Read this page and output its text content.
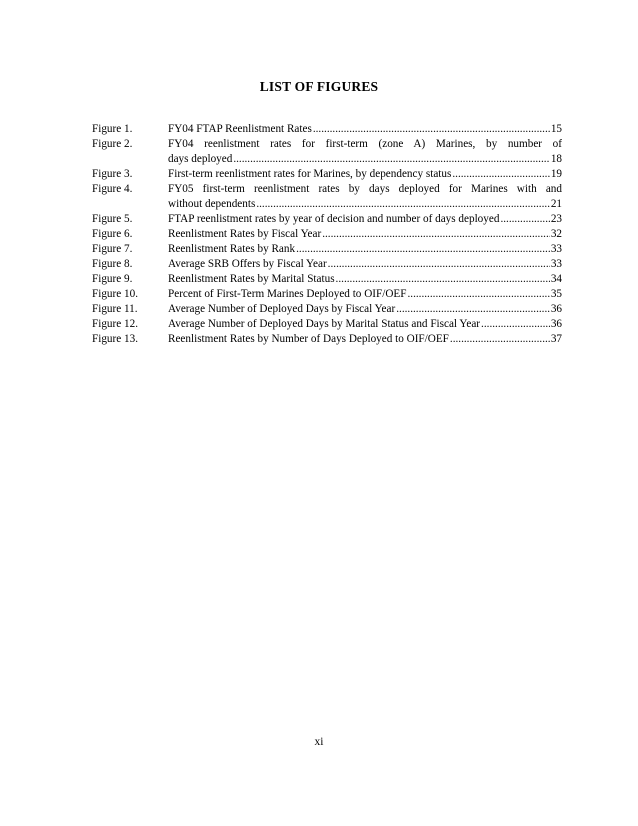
LIST OF FIGURES
Figure 1.	FY04 FTAP Reenlistment Rates .....	15
Figure 2.	FY04 reenlistment rates for first-term (zone A) Marines, by number of
days deployed .....	18
Figure 3.	First-term reenlistment rates for Marines, by dependency status .....	19
Figure 4.	FY05 first-term reenlistment rates by days deployed for Marines with and
without dependents .....	21
Figure 5.	FTAP reenlistment rates by year of decision and number of days deployed .....	23
Figure 6.	Reenlistment Rates by Fiscal Year .....	32
Figure 7.	Reenlistment Rates by Rank .....	33
Figure 8.	Average SRB Offers by Fiscal Year .....	33
Figure 9.	Reenlistment Rates by Marital Status .....	34
Figure 10.	Percent of First-Term Marines Deployed to OIF/OEF .....	35
Figure 11.	Average Number of Deployed Days by Fiscal Year .....	36
Figure 12.	Average Number of Deployed Days by Marital Status and Fiscal Year .....	36
Figure 13.	Reenlistment Rates by Number of Days Deployed to OIF/OEF .....	37
xi
